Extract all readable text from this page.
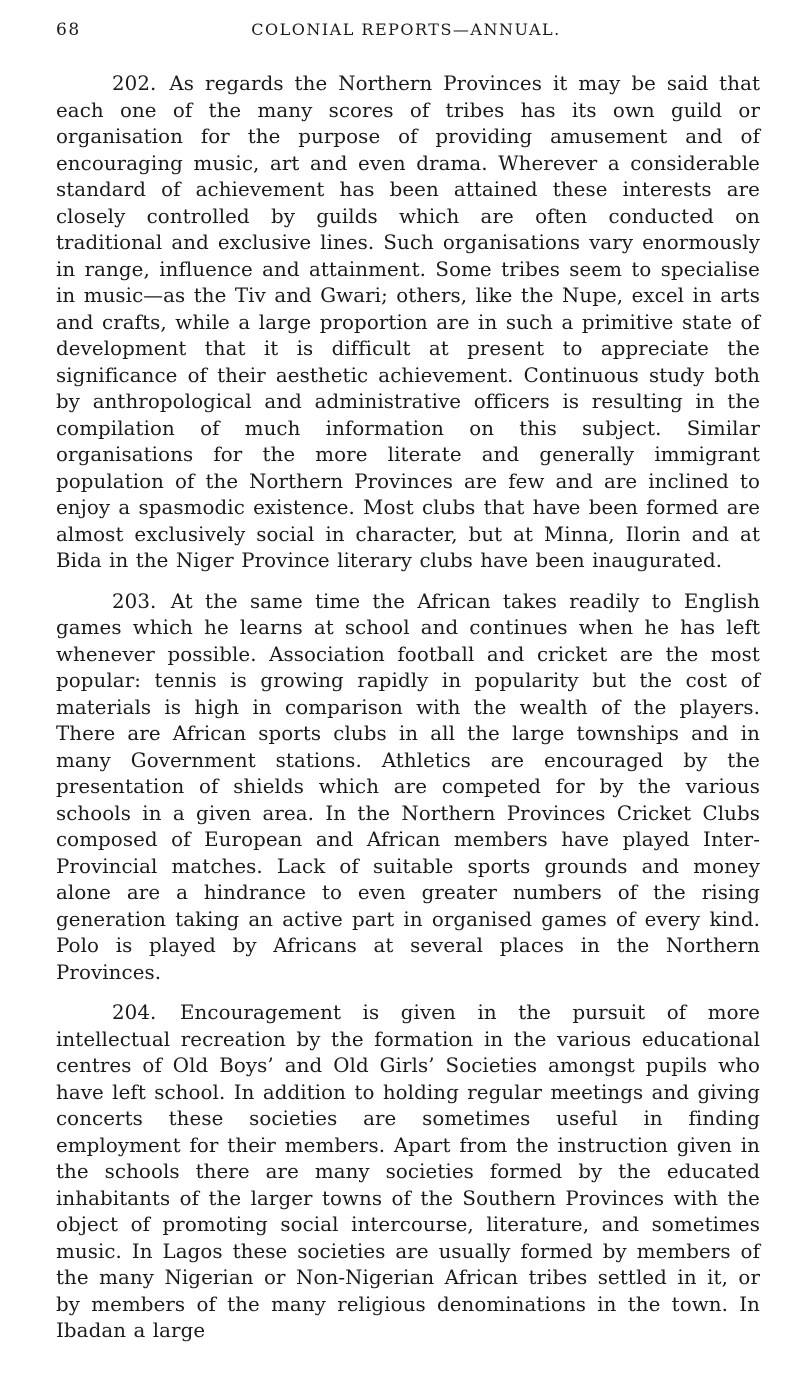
68	COLONIAL REPORTS—ANNUAL.

202. As regards the Northern Provinces it may be said that each one of the many scores of tribes has its own guild or organisation for the purpose of providing amusement and of encouraging music, art and even drama. Wherever a considerable standard of achievement has been attained these interests are closely controlled by guilds which are often conducted on traditional and exclusive lines. Such organisations vary enormously in range, influence and attainment. Some tribes seem to specialise in music—as the Tiv and Gwari; others, like the Nupe, excel in arts and crafts, while a large proportion are in such a primitive state of development that it is difficult at present to appreciate the significance of their aesthetic achievement. Continuous study both by anthropological and administrative officers is resulting in the compilation of much information on this subject. Similar organisations for the more literate and generally immigrant population of the Northern Provinces are few and are inclined to enjoy a spasmodic existence. Most clubs that have been formed are almost exclusively social in character, but at Minna, Ilorin and at Bida in the Niger Province literary clubs have been inaugurated.

203. At the same time the African takes readily to English games which he learns at school and continues when he has left whenever possible. Association football and cricket are the most popular: tennis is growing rapidly in popularity but the cost of materials is high in comparison with the wealth of the players. There are African sports clubs in all the large townships and in many Government stations. Athletics are encouraged by the presentation of shields which are competed for by the various schools in a given area. In the Northern Provinces Cricket Clubs composed of European and African members have played Inter-Provincial matches. Lack of suitable sports grounds and money alone are a hindrance to even greater numbers of the rising generation taking an active part in organised games of every kind. Polo is played by Africans at several places in the Northern Provinces.

204. Encouragement is given in the pursuit of more intellectual recreation by the formation in the various educational centres of Old Boys’ and Old Girls’ Societies amongst pupils who have left school. In addition to holding regular meetings and giving concerts these societies are sometimes useful in finding employment for their members. Apart from the instruction given in the schools there are many societies formed by the educated inhabitants of the larger towns of the Southern Provinces with the object of promoting social intercourse, literature, and sometimes music. In Lagos these societies are usually formed by members of the many Nigerian or Non-Nigerian African tribes settled in it, or by members of the many religious denominations in the town. In Ibadan a large
